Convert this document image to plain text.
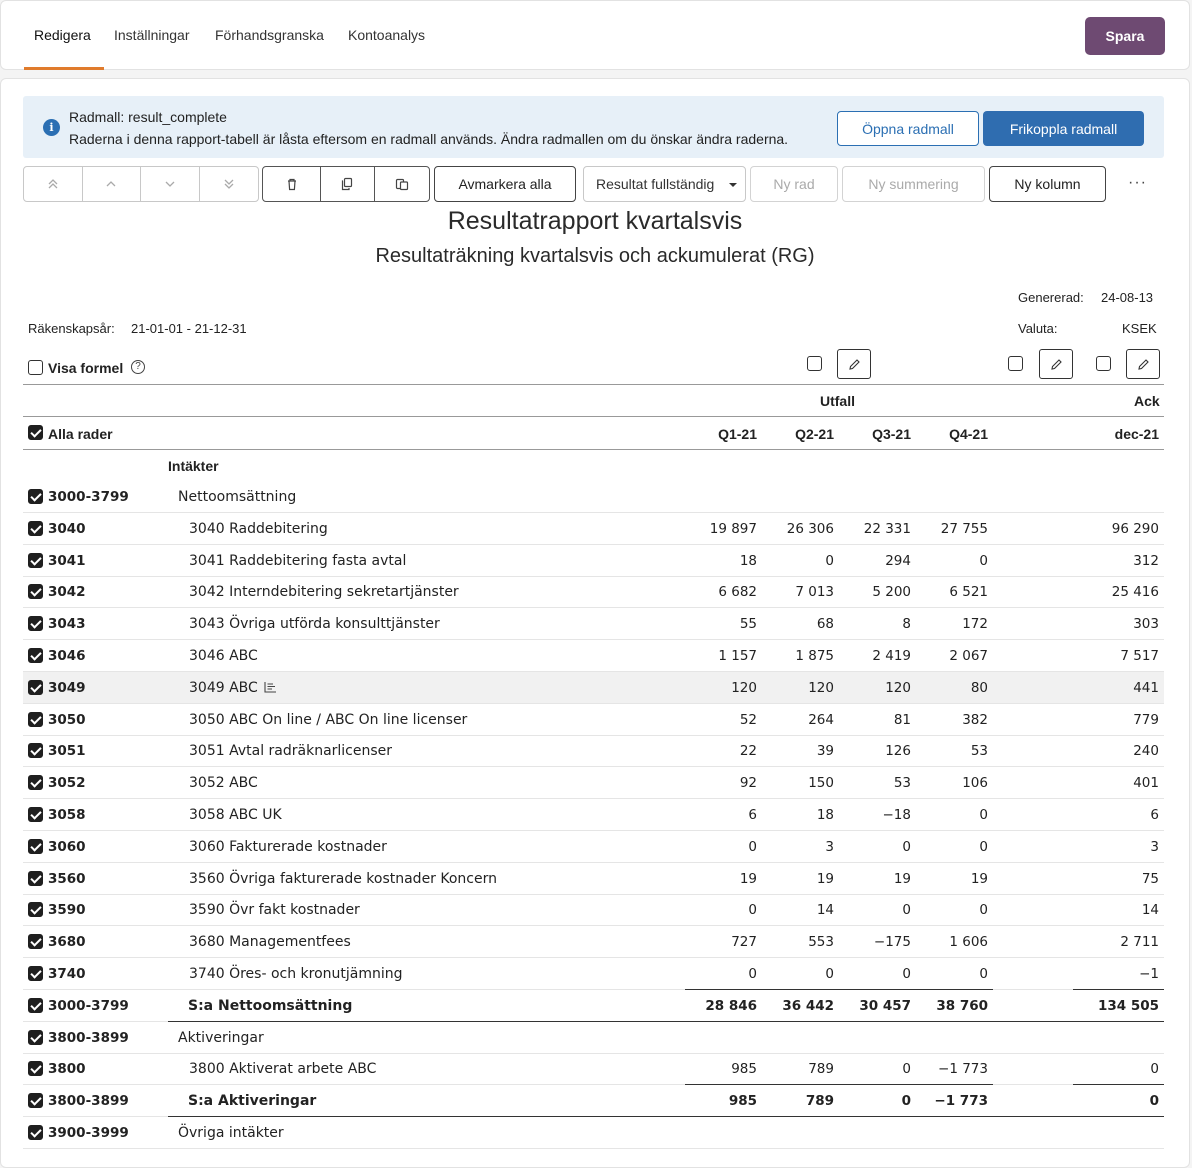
Redigera Inställningar Förhandsgranska Kontoanalys	Spara
i
Radmall: result_complete
Raderna i denna rapport-tabell är låsta eftersom en radmall används. Ändra radmallen om du önskar ändra raderna.
Öppna radmall	Frikoppla radmall
Avmarkera alla	Resultat fullständig	Ny rad	Ny summering	Ny kolumn	···
Resultatrapport kvartalsvis
Resultaträkning kvartalsvis och ackumulerat (RG)
Genererad: 24-08-13
Räkenskapsår: 21-01-01 - 21-12-31	Valuta:	KSEK
Visa formel	?
Utfall	Ack
Alla rader	Q1-21	Q2-21	Q3-21	Q4-21	dec-21
Intäkter
3000-3799	Nettoomsättning
3040	3040 Raddebitering	19 897	26 306	22 331	27 755	96 290
3041	3041 Raddebitering fasta avtal	18	0	294	0	312
3042	3042 Interndebitering sekretartjänster	6 682	7 013	5 200	6 521	25 416
3043	3043 Övriga utförda konsulttjänster	55	68	8	172	303
3046	3046 ABC	1 157	1 875	2 419	2 067	7 517
3049	3049 ABC	120	120	120	80	441
3050	3050 ABC On line / ABC On line licenser	52	264	81	382	779
3051	3051 Avtal radräknarlicenser	22	39	126	53	240
3052	3052 ABC	92	150	53	106	401
3058	3058 ABC UK	6	18	−18	0	6
3060	3060 Fakturerade kostnader	0	3	0	0	3
3560	3560 Övriga fakturerade kostnader Koncern	19	19	19	19	75
3590	3590 Övr fakt kostnader	0	14	0	0	14
3680	3680 Managementfees	727	553	−175	1 606	2 711
3740	3740 Öres- och kronutjämning	0	0	0	0	−1
3000-3799	S:a Nettoomsättning	28 846	36 442	30 457	38 760	134 505
3800-3899	Aktiveringar
3800	3800 Aktiverat arbete ABC	985	789	0	−1 773	0
3800-3899	S:a Aktiveringar	985	789	0	−1 773	0
3900-3999	Övriga intäkter
